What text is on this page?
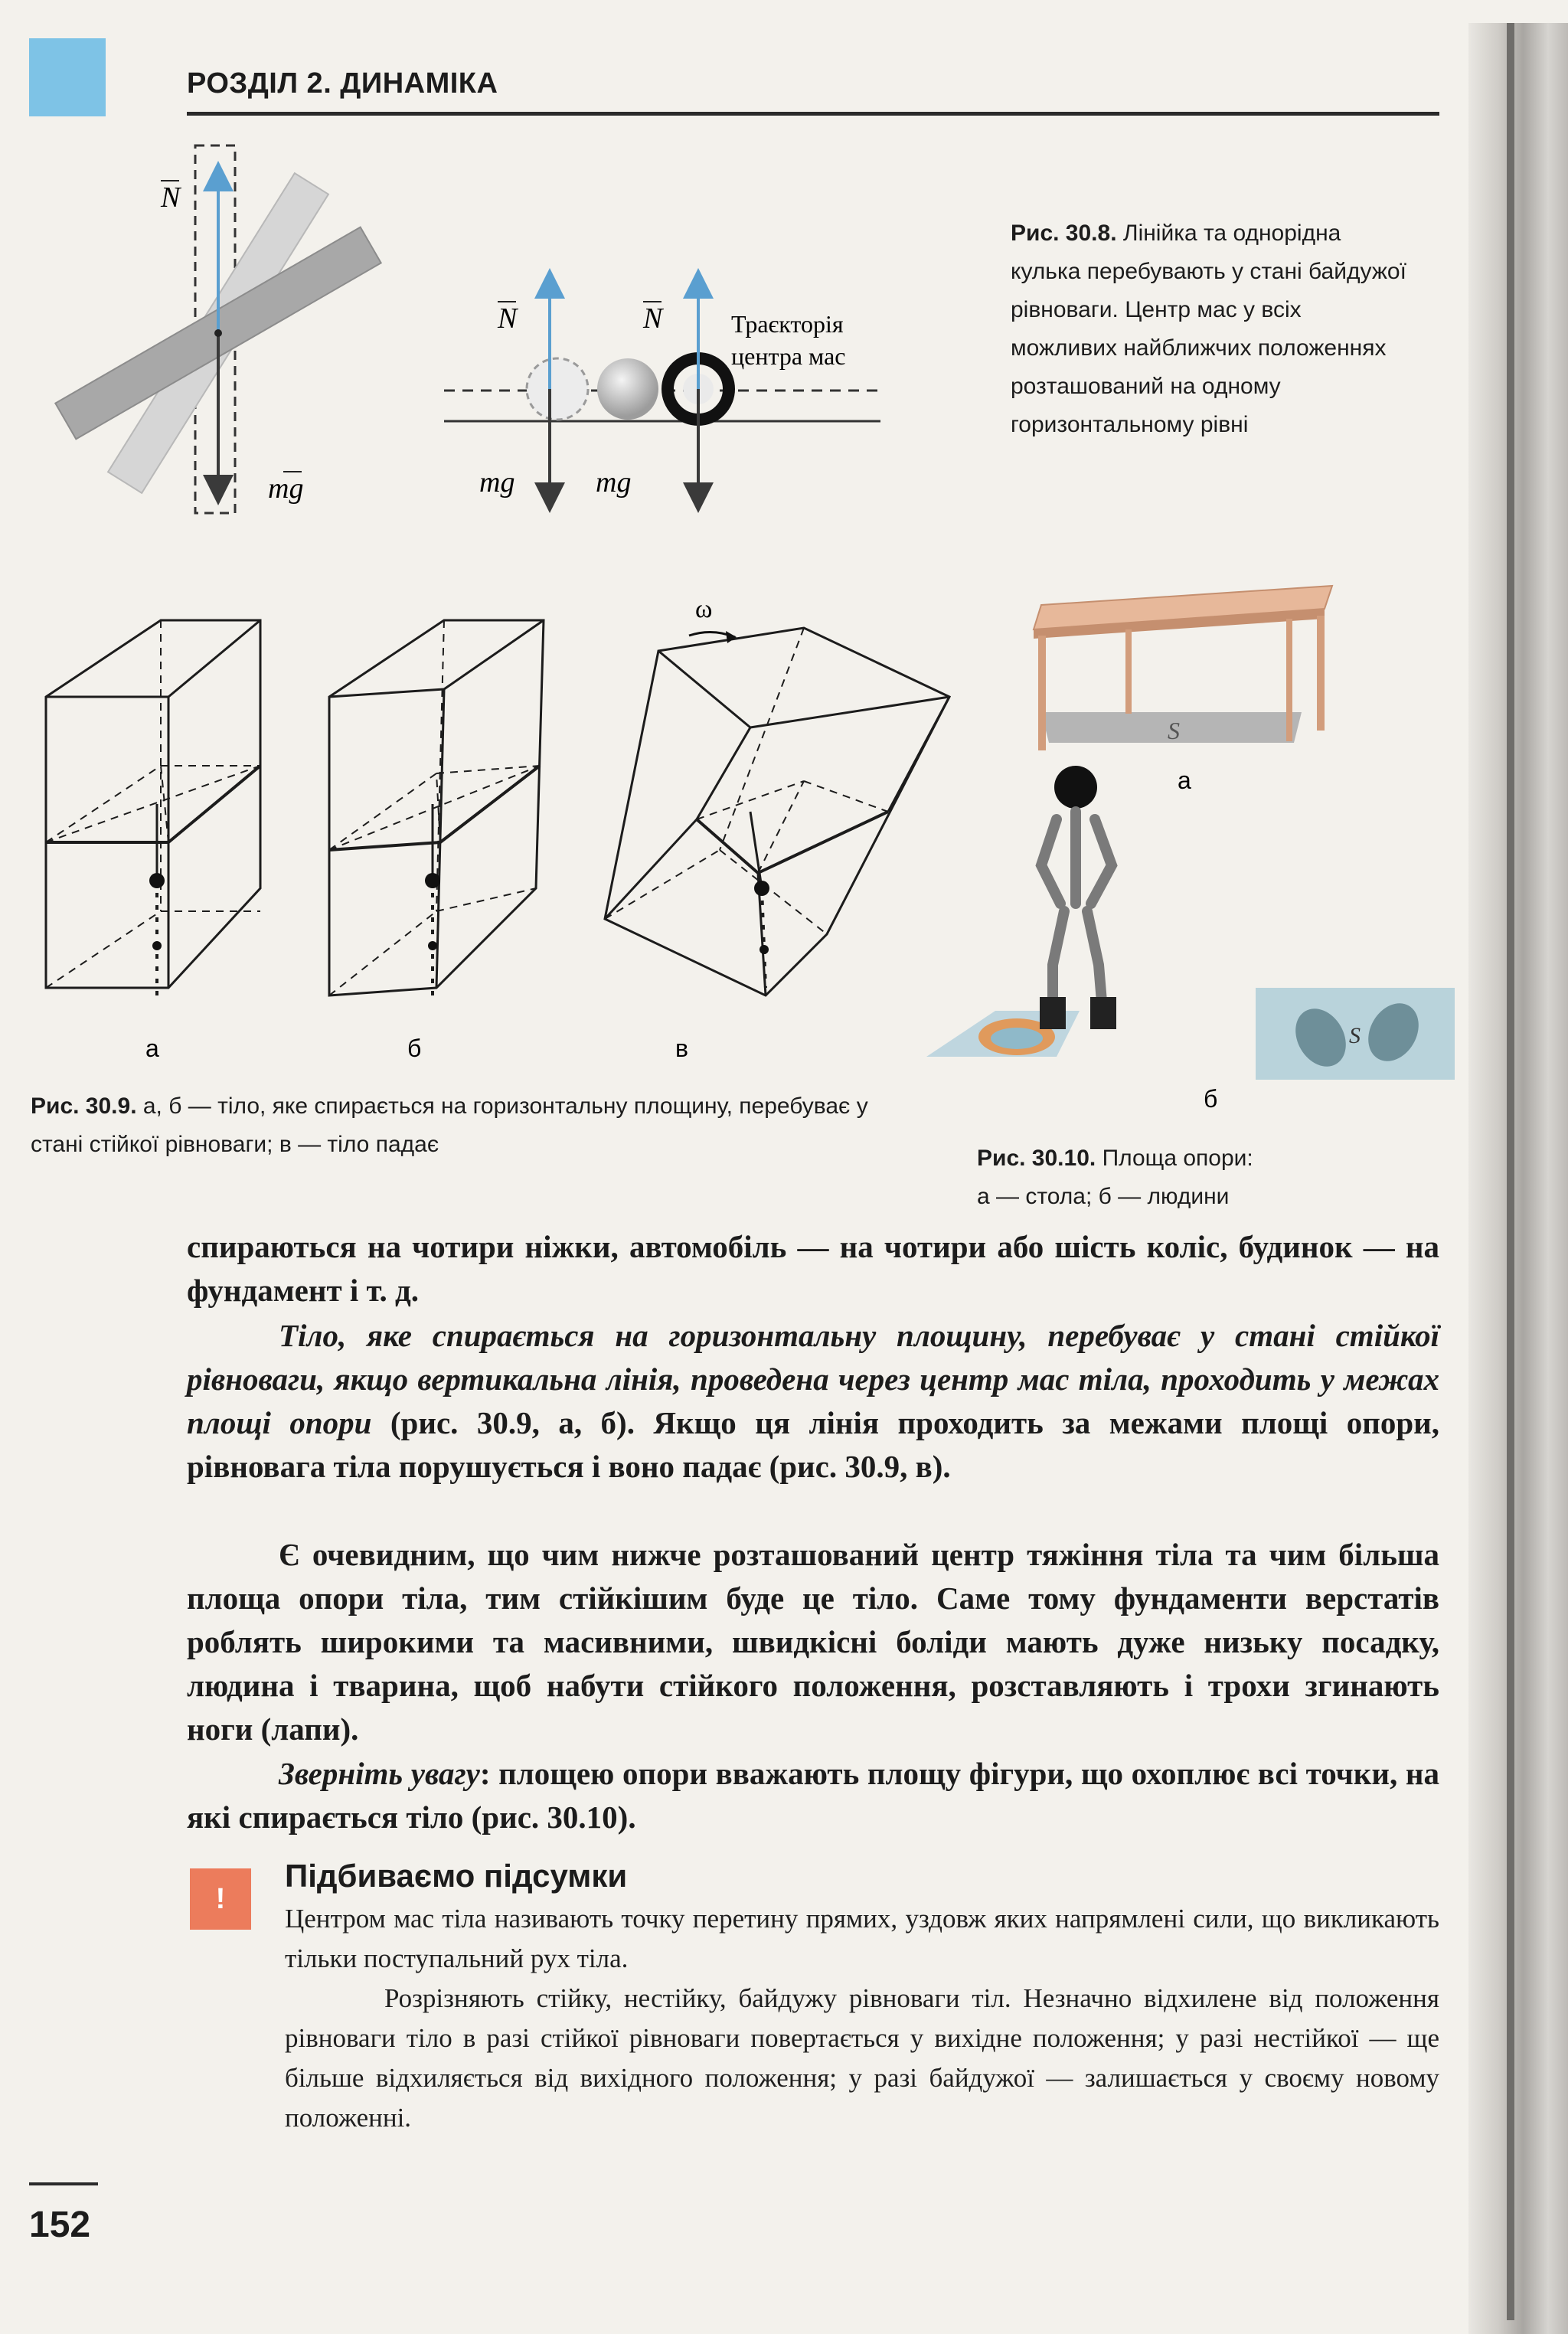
РОЗДІЛ 2. ДИНАМІКА
N
mg
N	N
mg	mg
Траєкторія
центра мас
Рис. 30.8. Лінійка та однорідна кулька перебувають у стані байдужої рівноваги. Центр мас у всіх можливих найближчих положеннях розташований на одному горизонтальному рівні
ω
а	б	в
Рис. 30.9. а, б — тіло, яке спирається на горизонтальну площину, перебуває у стані стійкої рівноваги; в — тіло падає
S
а
S
б
Рис. 30.10. Площа опори:
а — стола; б — людини
спираються на чотири ніжки, автомобіль — на чотири або шість коліс, будинок — на фундамент і т. д.
Тіло, яке спирається на горизонтальну площину, перебуває у стані стійкої рівноваги, якщо вертикальна лінія, проведена через центр мас тіла, проходить у межах площі опори (рис. 30.9, а, б). Якщо ця лінія проходить за межами площі опори, рівновага тіла порушується і воно падає (рис. 30.9, в).
Є очевидним, що чим нижче розташований центр тяжіння тіла та чим більша площа опори тіла, тим стійкішим буде це тіло. Саме тому фундаменти верстатів роблять широкими та масивними, швидкісні боліди мають дуже низьку посадку, людина і тварина, щоб набути стійкого положення, розставляють і трохи згинають ноги (лапи).
Зверніть увагу: площею опори вважають площу фігури, що охоплює всі точки, на які спирається тіло (рис. 30.10).
!
Підбиваємо підсумки
Центром мас тіла називають точку перетину прямих, уздовж яких напрямлені сили, що викликають тільки поступальний рух тіла.
Розрізняють стійку, нестійку, байдужу рівноваги тіл. Незначно відхилене від положення рівноваги тіло в разі стійкої рівноваги повертається у вихідне положення; у разі нестійкої — ще більше відхиляється від вихідного положення; у разі байдужої — залишається у своєму новому положенні.
152
